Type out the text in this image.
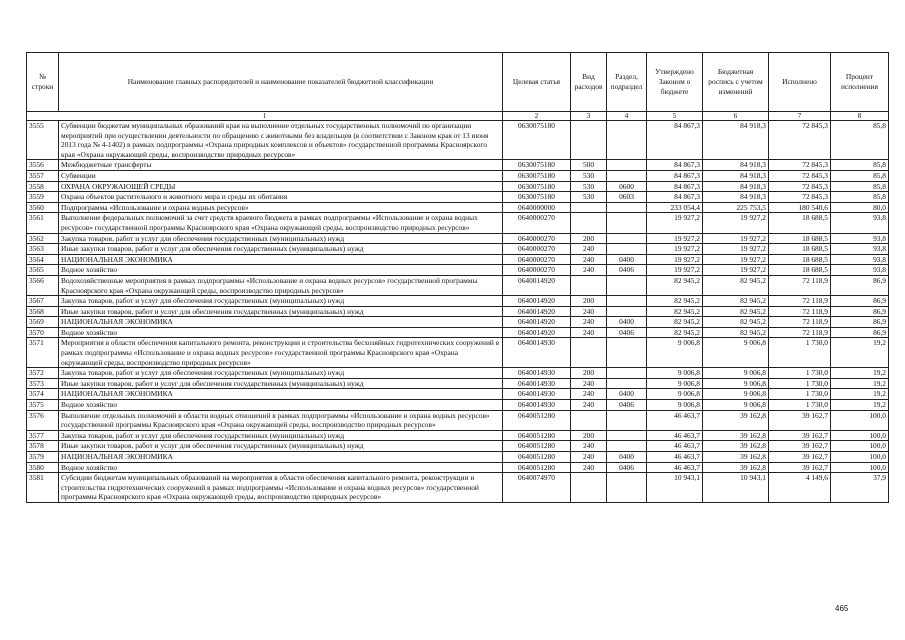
№ строки	Наименование главных распорядителей и наименование показателей бюджетной классификации	Целевая статья	Вид расходов	Раздел, подраздел	Утверждено Законом о бюджете	Бюджетная роспись с учетом изменений	Исполнено	Процент исполнения
1		2	3	4	5	6	7	8
3555	Субвенции бюджетам муниципальных образований края на выполнение отдельных государственных полномочий по организации мероприятий при осуществлении деятельности по обращению с животными без владельцев (в соответствии с Законом края от 13 июня 2013 года № 4-1402) в рамках подпрограммы «Охрана природных комплексов и объектов» государственной программы Красноярского края «Охрана окружающей среды, воспроизводство природных ресурсов»	0630075180			84 867,3	84 918,3	72 845,3	85,8
3556	Межбюджетные трансферты	0630075180	500		84 867,3	84 918,3	72 845,3	85,8
3557	Субвенции	0630075180	530		84 867,3	84 918,3	72 845,3	85,8
3558	ОХРАНА ОКРУЖАЮЩЕЙ СРЕДЫ	0630075180	530	0600	84 867,3	84 918,3	72 845,3	85,8
3559	Охрана объектов растительного и животного мира и среды их обитания	0630075180	530	0603	84 867,3	84 918,3	72 845,3	85,8
3560	Подпрограмма «Использование и охрана водных ресурсов»	0640000000			233 054,4	225 753,5	180 540,6	80,0
3561	Выполнение федеральных полномочий за счет средств краевого бюджета в рамках подпрограммы «Использование и охрана водных ресурсов» государственной программы Красноярского края «Охрана окружающей среды, воспроизводство природных ресурсов»	0640000270			19 927,2	19 927,2	18 688,5	93,8
3562	Закупка товаров, работ и услуг для обеспечения государственных (муниципальных) нужд	0640000270	200		19 927,2	19 927,2	18 688,5	93,8
3563	Иные закупки товаров, работ и услуг для обеспечения государственных (муниципальных) нужд	0640000270	240		19 927,2	19 927,2	18 688,5	93,8
3564	НАЦИОНАЛЬНАЯ ЭКОНОМИКА	0640000270	240	0400	19 927,2	19 927,2	18 688,5	93,8
3565	Водное хозяйство	0640000270	240	0406	19 927,2	19 927,2	18 688,5	93,8
3566	Водохозяйственные мероприятия в рамках подпрограммы «Использование и охрана водных ресурсов» государственной программы Красноярского края «Охрана окружающей среды, воспроизводство природных ресурсов»	0640014920			82 945,2	82 945,2	72 118,9	86,9
3567	Закупка товаров, работ и услуг для обеспечения государственных (муниципальных) нужд	0640014920	200		82 945,2	82 945,2	72 118,9	86,9
3568	Иные закупки товаров, работ и услуг для обеспечения государственных (муниципальных) нужд	0640014920	240		82 945,2	82 945,2	72 118,9	86,9
3569	НАЦИОНАЛЬНАЯ ЭКОНОМИКА	0640014920	240	0400	82 945,2	82 945,2	72 118,9	86,9
3570	Водное хозяйство	0640014920	240	0406	82 945,2	82 945,2	72 118,9	86,9
3571	Мероприятия в области обеспечения капитального ремонта, реконструкции и строительства бесхозяйных гидротехнических сооружений в рамках подпрограммы «Использование и охрана водных ресурсов» государственной программы Красноярского края «Охрана окружающей среды, воспроизводство природных ресурсов»	0640014930			9 006,8	9 006,8	1 730,0	19,2
3572	Закупка товаров, работ и услуг для обеспечения государственных (муниципальных) нужд	0640014930	200		9 006,8	9 006,8	1 730,0	19,2
3573	Иные закупки товаров, работ и услуг для обеспечения государственных (муниципальных) нужд	0640014930	240		9 006,8	9 006,8	1 730,0	19,2
3574	НАЦИОНАЛЬНАЯ ЭКОНОМИКА	0640014930	240	0400	9 006,8	9 006,8	1 730,0	19,2
3575	Водное хозяйство	0640014930	240	0406	9 006,8	9 006,8	1 730,0	19,2
3576	Выполнение отдельных полномочий в области водных отношений в рамках подпрограммы «Использование и охрана водных ресурсов» государственной программы Красноярского края «Охрана окружающей среды, воспроизводство природных ресурсов»	0640051280			46 463,7	39 162,8	39 162,7	100,0
3577	Закупка товаров, работ и услуг для обеспечения государственных (муниципальных) нужд	0640051280	200		46 463,7	39 162,8	39 162,7	100,0
3578	Иные закупки товаров, работ и услуг для обеспечения государственных (муниципальных) нужд	0640051280	240		46 463,7	39 162,8	39 162,7	100,0
3579	НАЦИОНАЛЬНАЯ ЭКОНОМИКА	0640051280	240	0400	46 463,7	39 162,8	39 162,7	100,0
3580	Водное хозяйство	0640051280	240	0406	46 463,7	39 162,8	39 162,7	100,0
3581	Субсидии бюджетам муниципальных образований на мероприятия в области обеспечения капитального ремонта, реконструкции и строительства гидротехнических сооружений в рамках подпрограммы «Использование и охрана водных ресурсов» государственной программы Красноярского края «Охрана окружающей среды, воспроизводство природных ресурсов»	0640074970			10 943,1	10 943,1	4 149,6	37,9
465
